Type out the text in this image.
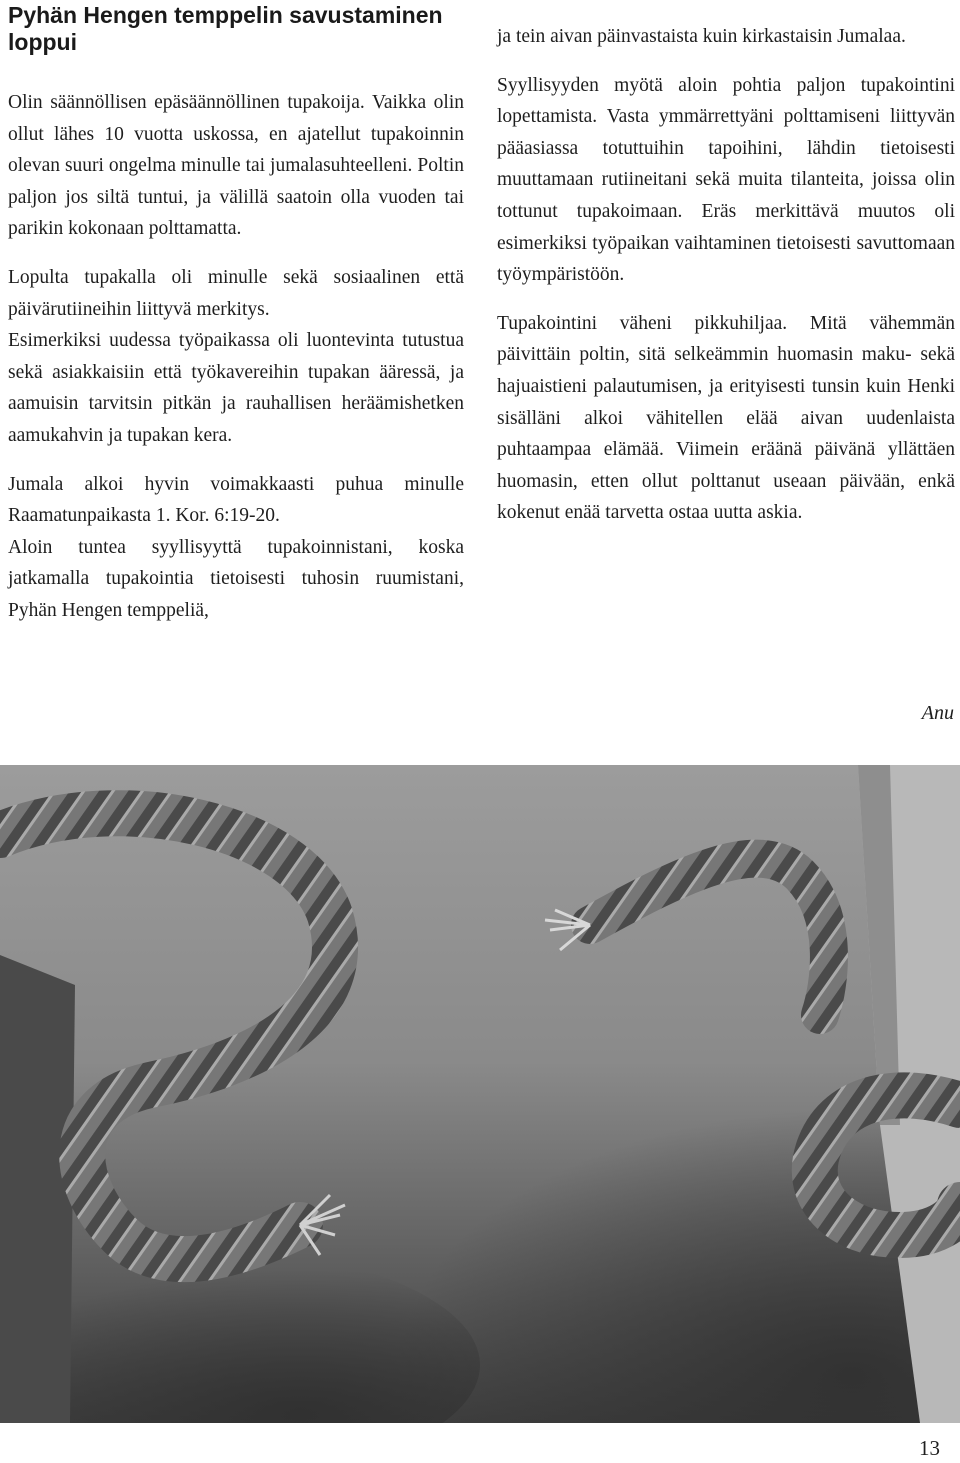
Pyhän Hengen temppelin savustaminen loppui

Olin säännöllisen epäsäännöllinen tupakoija. Vaikka olin ollut lähes 10 vuotta uskossa, en ajatellut tupakoinnin olevan suuri ongelma minulle tai jumalasuhteelleni. Poltin paljon jos siltä tuntui, ja välillä saatoin olla vuoden tai parikin kokonaan polttamatta.

Lopulta tupakalla oli minulle sekä sosiaalinen että päivärutiineihin liittyvä merkitys.

Esimerkiksi uudessa työpaikassa oli luontevinta tutustua sekä asiakkaisiin että työkavereihin tupakan ääressä, ja aamuisin tarvitsin pitkän ja rauhallisen heräämishetken aamukahvin ja tupakan kera.

Jumala alkoi hyvin voimakkaasti puhua minulle Raamatunpaikasta 1. Kor. 6:19-20.

Aloin tuntea syyllisyyttä tupakoinnistani, koska jatkamalla tupakointia tietoisesti tuhosin ruumistani, Pyhän Hengen temppeliä,

ja tein aivan päinvastaista kuin kirkastaisin Jumalaa.

Syyllisyyden myötä aloin pohtia paljon tupakointini lopettamista. Vasta ymmärrettyäni polttamiseni liittyvän pääasiassa totuttuihin tapoihini, lähdin tietoisesti muuttamaan rutiineitani sekä muita tilanteita, joissa olin tottunut tupakoimaan. Eräs merkittävä muutos oli esimerkiksi työpaikan vaihtaminen tietoisesti savuttomaan työympäristöön.

Tupakointini väheni pikkuhiljaa. Mitä vähemmän päivittäin poltin, sitä selkeämmin huomasin maku- sekä hajuaistieni palautumisen, ja erityisesti tunsin kuin Henki sisälläni alkoi vähitellen elää aivan uudenlaista puhtaampaa elämää. Viimein eräänä päivänä yllättäen huomasin, etten ollut polttanut useaan päivään, enkä kokenut enää tarvetta ostaa uutta askia.

Anu

13
